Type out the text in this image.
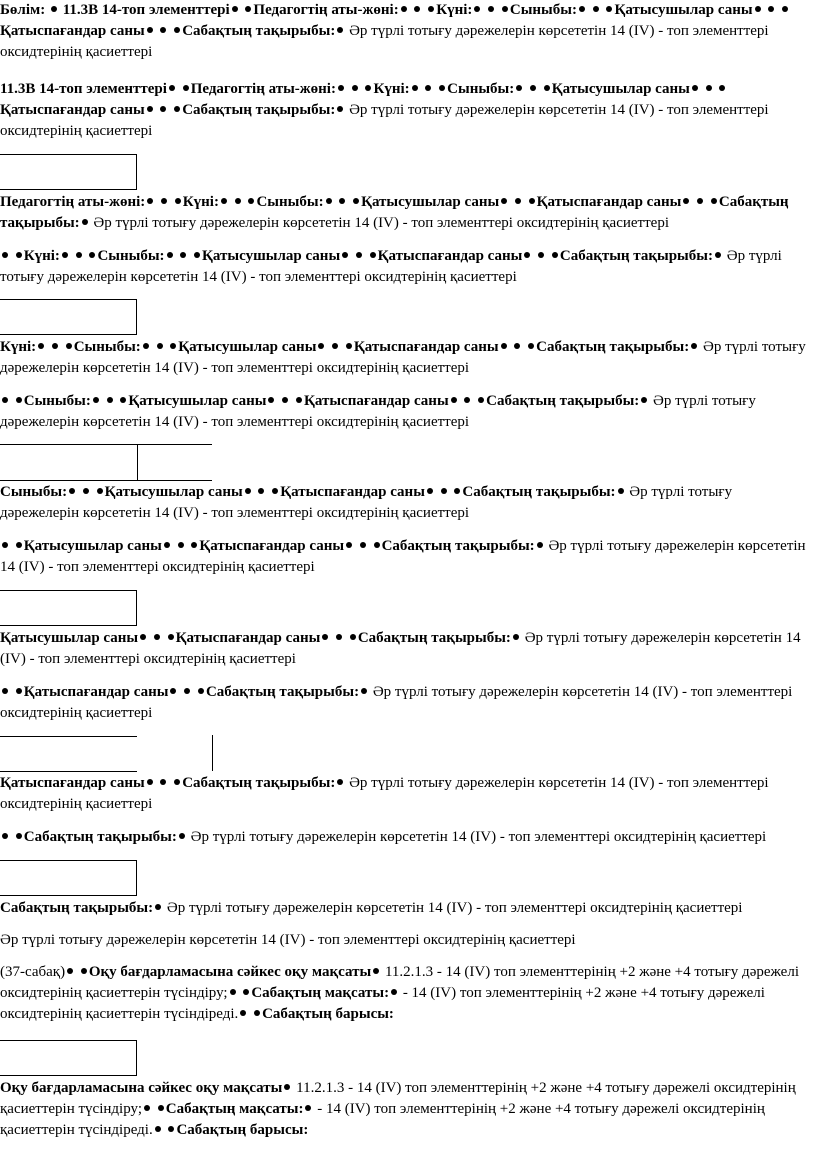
Бөлім: 11.3В 14-топ элементтері Педагогтің аты-жөні:	Күні:	Сыныбы:	Қатысушылар саны  Қатыспағандар саны	Сабақтың тақырыбы: Әр түрлі тотығу дәрежелерін көрсететін 14 (IV) - топ элементтері оксидтерінің қасиеттері
11.3В 14-топ элементтері Педагогтің аты-жөні:	Күні:	Сыныбы:	Қатысушылар саны  Қатыспағандар саны	Сабақтың тақырыбы: Әр түрлі тотығу дәрежелерін көрсететін 14 (IV) - топ элементтері оксидтерінің қасиеттері
Педагогтің аты-жөні:	Күні:	Сыныбы:	Қатысушылар саны	Қатыспағандар саны	Сабақтың тақырыбы: Әр түрлі тотығу дәрежелерін көрсететін 14 (IV) - топ элементтері оксидтерінің қасиеттері
Күні:	Сыныбы:	Қатысушылар саны	Қатыспағандар саны	Сабақтың тақырыбы: Әр түрлі тотығу дәрежелерін көрсететін 14 (IV) - топ элементтері оксидтерінің қасиеттері
Күні:	Сыныбы:	Қатысушылар саны	Қатыспағандар саны	Сабақтың тақырыбы: Әр түрлі тотығу дәрежелерін көрсететін 14 (IV) - топ элементтері оксидтерінің қасиеттері
Сыныбы:	Қатысушылар саны	Қатыспағандар саны	Сабақтың тақырыбы: Әр түрлі тотығу дәрежелерін көрсететін 14 (IV) - топ элементтері оксидтерінің қасиеттері
Сыныбы:	Қатысушылар саны	Қатыспағандар саны	Сабақтың тақырыбы: Әр түрлі тотығу дәрежелерін көрсететін 14 (IV) - топ элементтері оксидтерінің қасиеттері
Қатысушылар саны	Қатыспағандар саны	Сабақтың тақырыбы: Әр түрлі тотығу дәрежелерін көрсететін 14 (IV) - топ элементтері оксидтерінің қасиеттері
Қатысушылар саны	Қатыспағандар саны	Сабақтың тақырыбы: Әр түрлі тотығу дәрежелерін көрсететін 14 (IV) - топ элементтері оксидтерінің қасиеттері
Қатыспағандар саны	Сабақтың тақырыбы: Әр түрлі тотығу дәрежелерін көрсететін 14 (IV) - топ элементтері оксидтерінің қасиеттері
Қатыспағандар саны	Сабақтың тақырыбы: Әр түрлі тотығу дәрежелерін көрсететін 14 (IV) - топ элементтері оксидтерінің қасиеттері
Сабақтың тақырыбы: Әр түрлі тотығу дәрежелерін көрсететін 14 (IV) - топ элементтері оксидтерінің қасиеттері
Сабақтың тақырыбы: Әр түрлі тотығу дәрежелерін көрсететін 14 (IV) - топ элементтері оксидтерінің қасиеттері
Әр түрлі тотығу дәрежелерін көрсететін 14 (IV) - топ элементтері оксидтерінің қасиеттері
(37-сабақ) Оқу бағдарламасына сәйкес оқу мақсаты 11.2.1.3 - 14 (IV) топ элементтерінің +2 және +4 тотығу дәрежелі оксидтерінің қасиеттерін түсіндіру; Сабақтың мақсаты: - 14 (IV) топ элементтерінің +2 және +4 тотығу дәрежелі оксидтерінің қасиеттерін түсіндіреді. Сабақтың барысы:
Оқу бағдарламасына сәйкес оқу мақсаты 11.2.1.3 - 14 (IV) топ элементтерінің +2 және +4 тотығу дәрежелі оксидтерінің қасиеттерін түсіндіру; Сабақтың мақсаты: - 14 (IV) топ элементтерінің +2 және +4 тотығу дәрежелі оксидтерінің қасиеттерін түсіндіреді. Сабақтың барысы:
